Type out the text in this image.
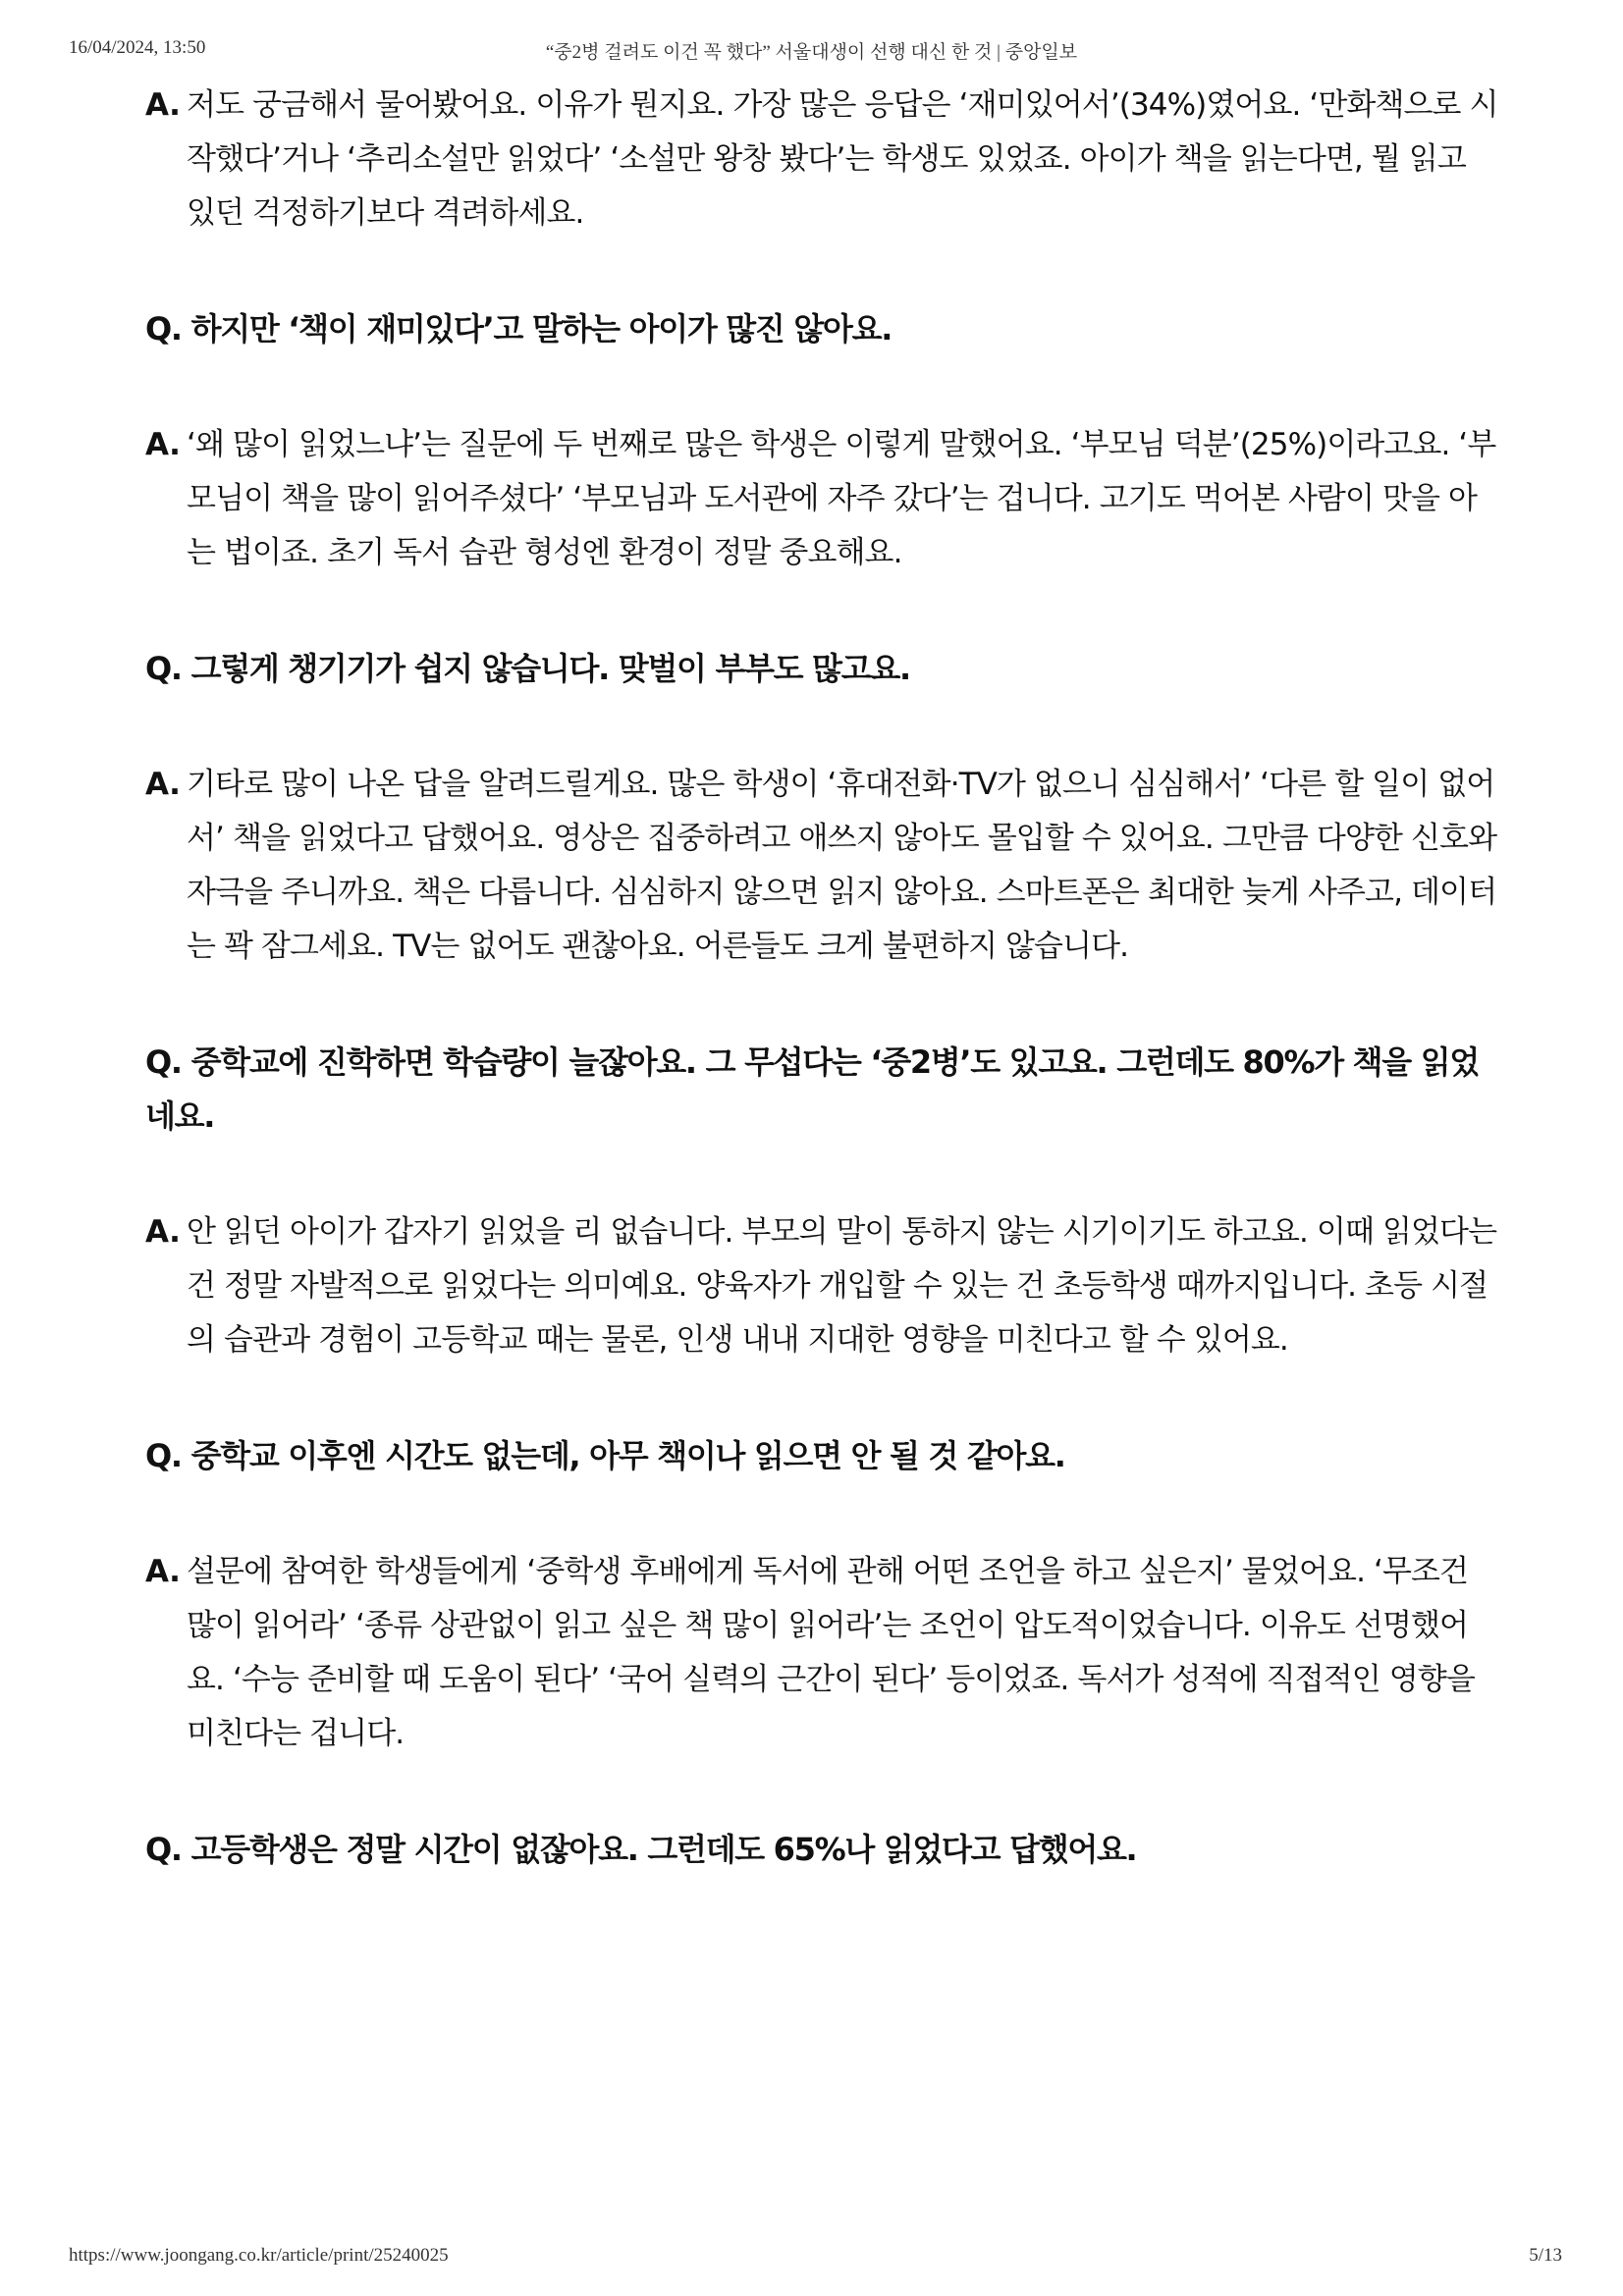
16/04/2024, 13:50	“중2병 걸려도 이건 꼭 했다” 서울대생이 선행 대신 한 것 | 중앙일보

A. 저도 궁금해서 물어봤어요. 이유가 뭔지요. 가장 많은 응답은 ‘재미있어서’(34%)였어요. ‘만화책으로 시작했다’거나 ‘추리소설만 읽었다’ ‘소설만 왕창 봤다’는 학생도 있었죠. 아이가 책을 읽는다면, 뭘 읽고 있던 걱정하기보다 격려하세요.

Q. 하지만 ‘책이 재미있다’고 말하는 아이가 많진 않아요.

A. ‘왜 많이 읽었느냐’는 질문에 두 번째로 많은 학생은 이렇게 말했어요. ‘부모님 덕분’(25%)이라고요. ‘부모님이 책을 많이 읽어주셨다’ ‘부모님과 도서관에 자주 갔다’는 겁니다. 고기도 먹어본 사람이 맛을 아는 법이죠. 초기 독서 습관 형성엔 환경이 정말 중요해요.

Q. 그렇게 챙기기가 쉽지 않습니다. 맞벌이 부부도 많고요.

A. 기타로 많이 나온 답을 알려드릴게요. 많은 학생이 ‘휴대전화·TV가 없으니 심심해서’ ‘다른 할 일이 없어서’ 책을 읽었다고 답했어요. 영상은 집중하려고 애쓰지 않아도 몰입할 수 있어요. 그만큼 다양한 신호와 자극을 주니까요. 책은 다릅니다. 심심하지 않으면 읽지 않아요. 스마트폰은 최대한 늦게 사주고, 데이터는 꽉 잠그세요. TV는 없어도 괜찮아요. 어른들도 크게 불편하지 않습니다.

Q. 중학교에 진학하면 학습량이 늘잖아요. 그 무섭다는 ‘중2병’도 있고요. 그런데도 80%가 책을 읽었네요.

A. 안 읽던 아이가 갑자기 읽었을 리 없습니다. 부모의 말이 통하지 않는 시기이기도 하고요. 이때 읽었다는 건 정말 자발적으로 읽었다는 의미예요. 양육자가 개입할 수 있는 건 초등학생 때까지입니다. 초등 시절의 습관과 경험이 고등학교 때는 물론, 인생 내내 지대한 영향을 미친다고 할 수 있어요.

Q. 중학교 이후엔 시간도 없는데, 아무 책이나 읽으면 안 될 것 같아요.

A. 설문에 참여한 학생들에게 ‘중학생 후배에게 독서에 관해 어떤 조언을 하고 싶은지’ 물었어요. ‘무조건 많이 읽어라’ ‘종류 상관없이 읽고 싶은 책 많이 읽어라’는 조언이 압도적이었습니다. 이유도 선명했어요. ‘수능 준비할 때 도움이 된다’ ‘국어 실력의 근간이 된다’ 등이었죠. 독서가 성적에 직접적인 영향을 미친다는 겁니다.

Q. 고등학생은 정말 시간이 없잖아요. 그런데도 65%나 읽었다고 답했어요.

https://www.joongang.co.kr/article/print/25240025	5/13
